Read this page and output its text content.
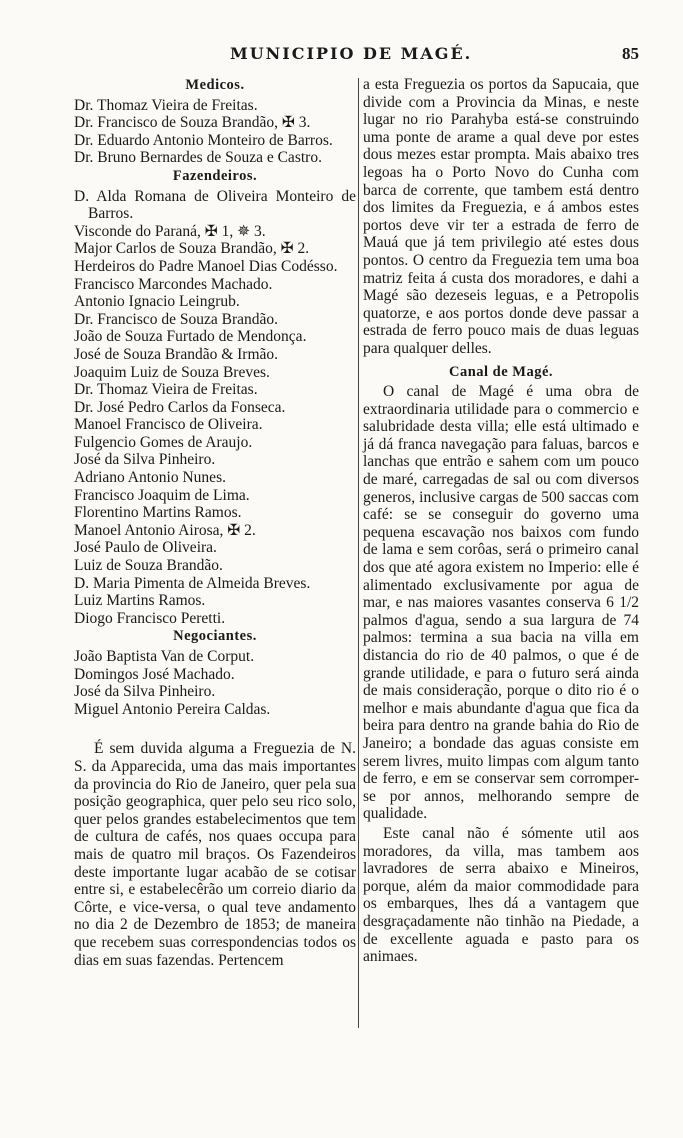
MUNICIPIO DE MAGÉ.	85
Medicos.
Dr. Thomaz Vieira de Freitas.
Dr. Francisco de Souza Brandão, ✠ 3.
Dr. Eduardo Antonio Monteiro de Barros.
Dr. Bruno Bernardes de Souza e Castro.
Fazendeiros.
D. Alda Romana de Oliveira Monteiro de Barros.
Visconde do Paraná, ✠ 1, ✵ 3.
Major Carlos de Souza Brandão, ✠ 2.
Herdeiros do Padre Manoel Dias Codésso.
Francisco Marcondes Machado.
Antonio Ignacio Leingrub.
Dr. Francisco de Souza Brandão.
João de Souza Furtado de Mendonça.
José de Souza Brandão & Irmão.
Joaquim Luiz de Souza Breves.
Dr. Thomaz Vieira de Freitas.
Dr. José Pedro Carlos da Fonseca.
Manoel Francisco de Oliveira.
Fulgencio Gomes de Araujo.
José da Silva Pinheiro.
Adriano Antonio Nunes.
Francisco Joaquim de Lima.
Florentino Martins Ramos.
Manoel Antonio Airosa, ✠ 2.
José Paulo de Oliveira.
Luiz de Souza Brandão.
D. Maria Pimenta de Almeida Breves.
Luiz Martins Ramos.
Diogo Francisco Peretti.
Negociantes.
João Baptista Van de Corput.
Domingos José Machado.
José da Silva Pinheiro.
Miguel Antonio Pereira Caldas.

É sem duvida alguma a Freguezia de N. S. da Apparecida, uma das mais importantes da provincia do Rio de Janeiro, quer pela sua posição geographica, quer pelo seu rico solo, quer pelos grandes estabelecimentos que tem de cultura de cafés, nos quaes occupa para mais de quatro mil braços. Os Fazendeiros deste importante lugar acabão de se cotisar entre si, e estabelecêrão um correio diario da Côrte, e vice-versa, o qual teve andamento no dia 2 de Dezembro de 1853; de maneira que recebem suas correspondencias todos os dias em suas fazendas. Pertencem

a esta Freguezia os portos da Sapucaia, que divide com a Provincia da Minas, e neste lugar no rio Parahyba está-se construindo uma ponte de arame a qual deve por estes dous mezes estar prompta. Mais abaixo tres legoas ha o Porto Novo do Cunha com barca de corrente, que tambem está dentro dos limites da Freguezia, e á ambos estes portos deve vir ter a estrada de ferro de Mauá que já tem privilegio até estes dous pontos. O centro da Freguezia tem uma boa matriz feita á custa dos moradores, e dahi a Magé são dezeseis leguas, e a Petropolis quatorze, e aos portos donde deve passar a estrada de ferro pouco mais de duas leguas para qualquer delles.

Canal de Magé.

O canal de Magé é uma obra de extraordinaria utilidade para o commercio e salubridade desta villa; elle está ultimado e já dá franca navegação para faluas, barcos e lanchas que entrão e sahem com um pouco de maré, carregadas de sal ou com diversos generos, inclusive cargas de 500 saccas com café: se se conseguir do governo uma pequena escavação nos baixos com fundo de lama e sem corôas, será o primeiro canal dos que até agora existem no Imperio: elle é alimentado exclusivamente por agua de mar, e nas maiores vasantes conserva 6 1/2 palmos d'agua, sendo a sua largura de 74 palmos: termina a sua bacia na villa em distancia do rio de 40 palmos, o que é de grande utilidade, e para o futuro será ainda de mais consideração, porque o dito rio é o melhor e mais abundante d'agua que fica da beira para dentro na grande bahia do Rio de Janeiro; a bondade das aguas consiste em serem livres, muito limpas com algum tanto de ferro, e em se conservar sem corromper-se por annos, melhorando sempre de qualidade.

Este canal não é sómente util aos moradores, da villa, mas tambem aos lavradores de serra abaixo e Mineiros, porque, além da maior commodidade para os embarques, lhes dá a vantagem que desgraçadamente não tinhão na Piedade, a de excellente aguada e pasto para os animaes.
